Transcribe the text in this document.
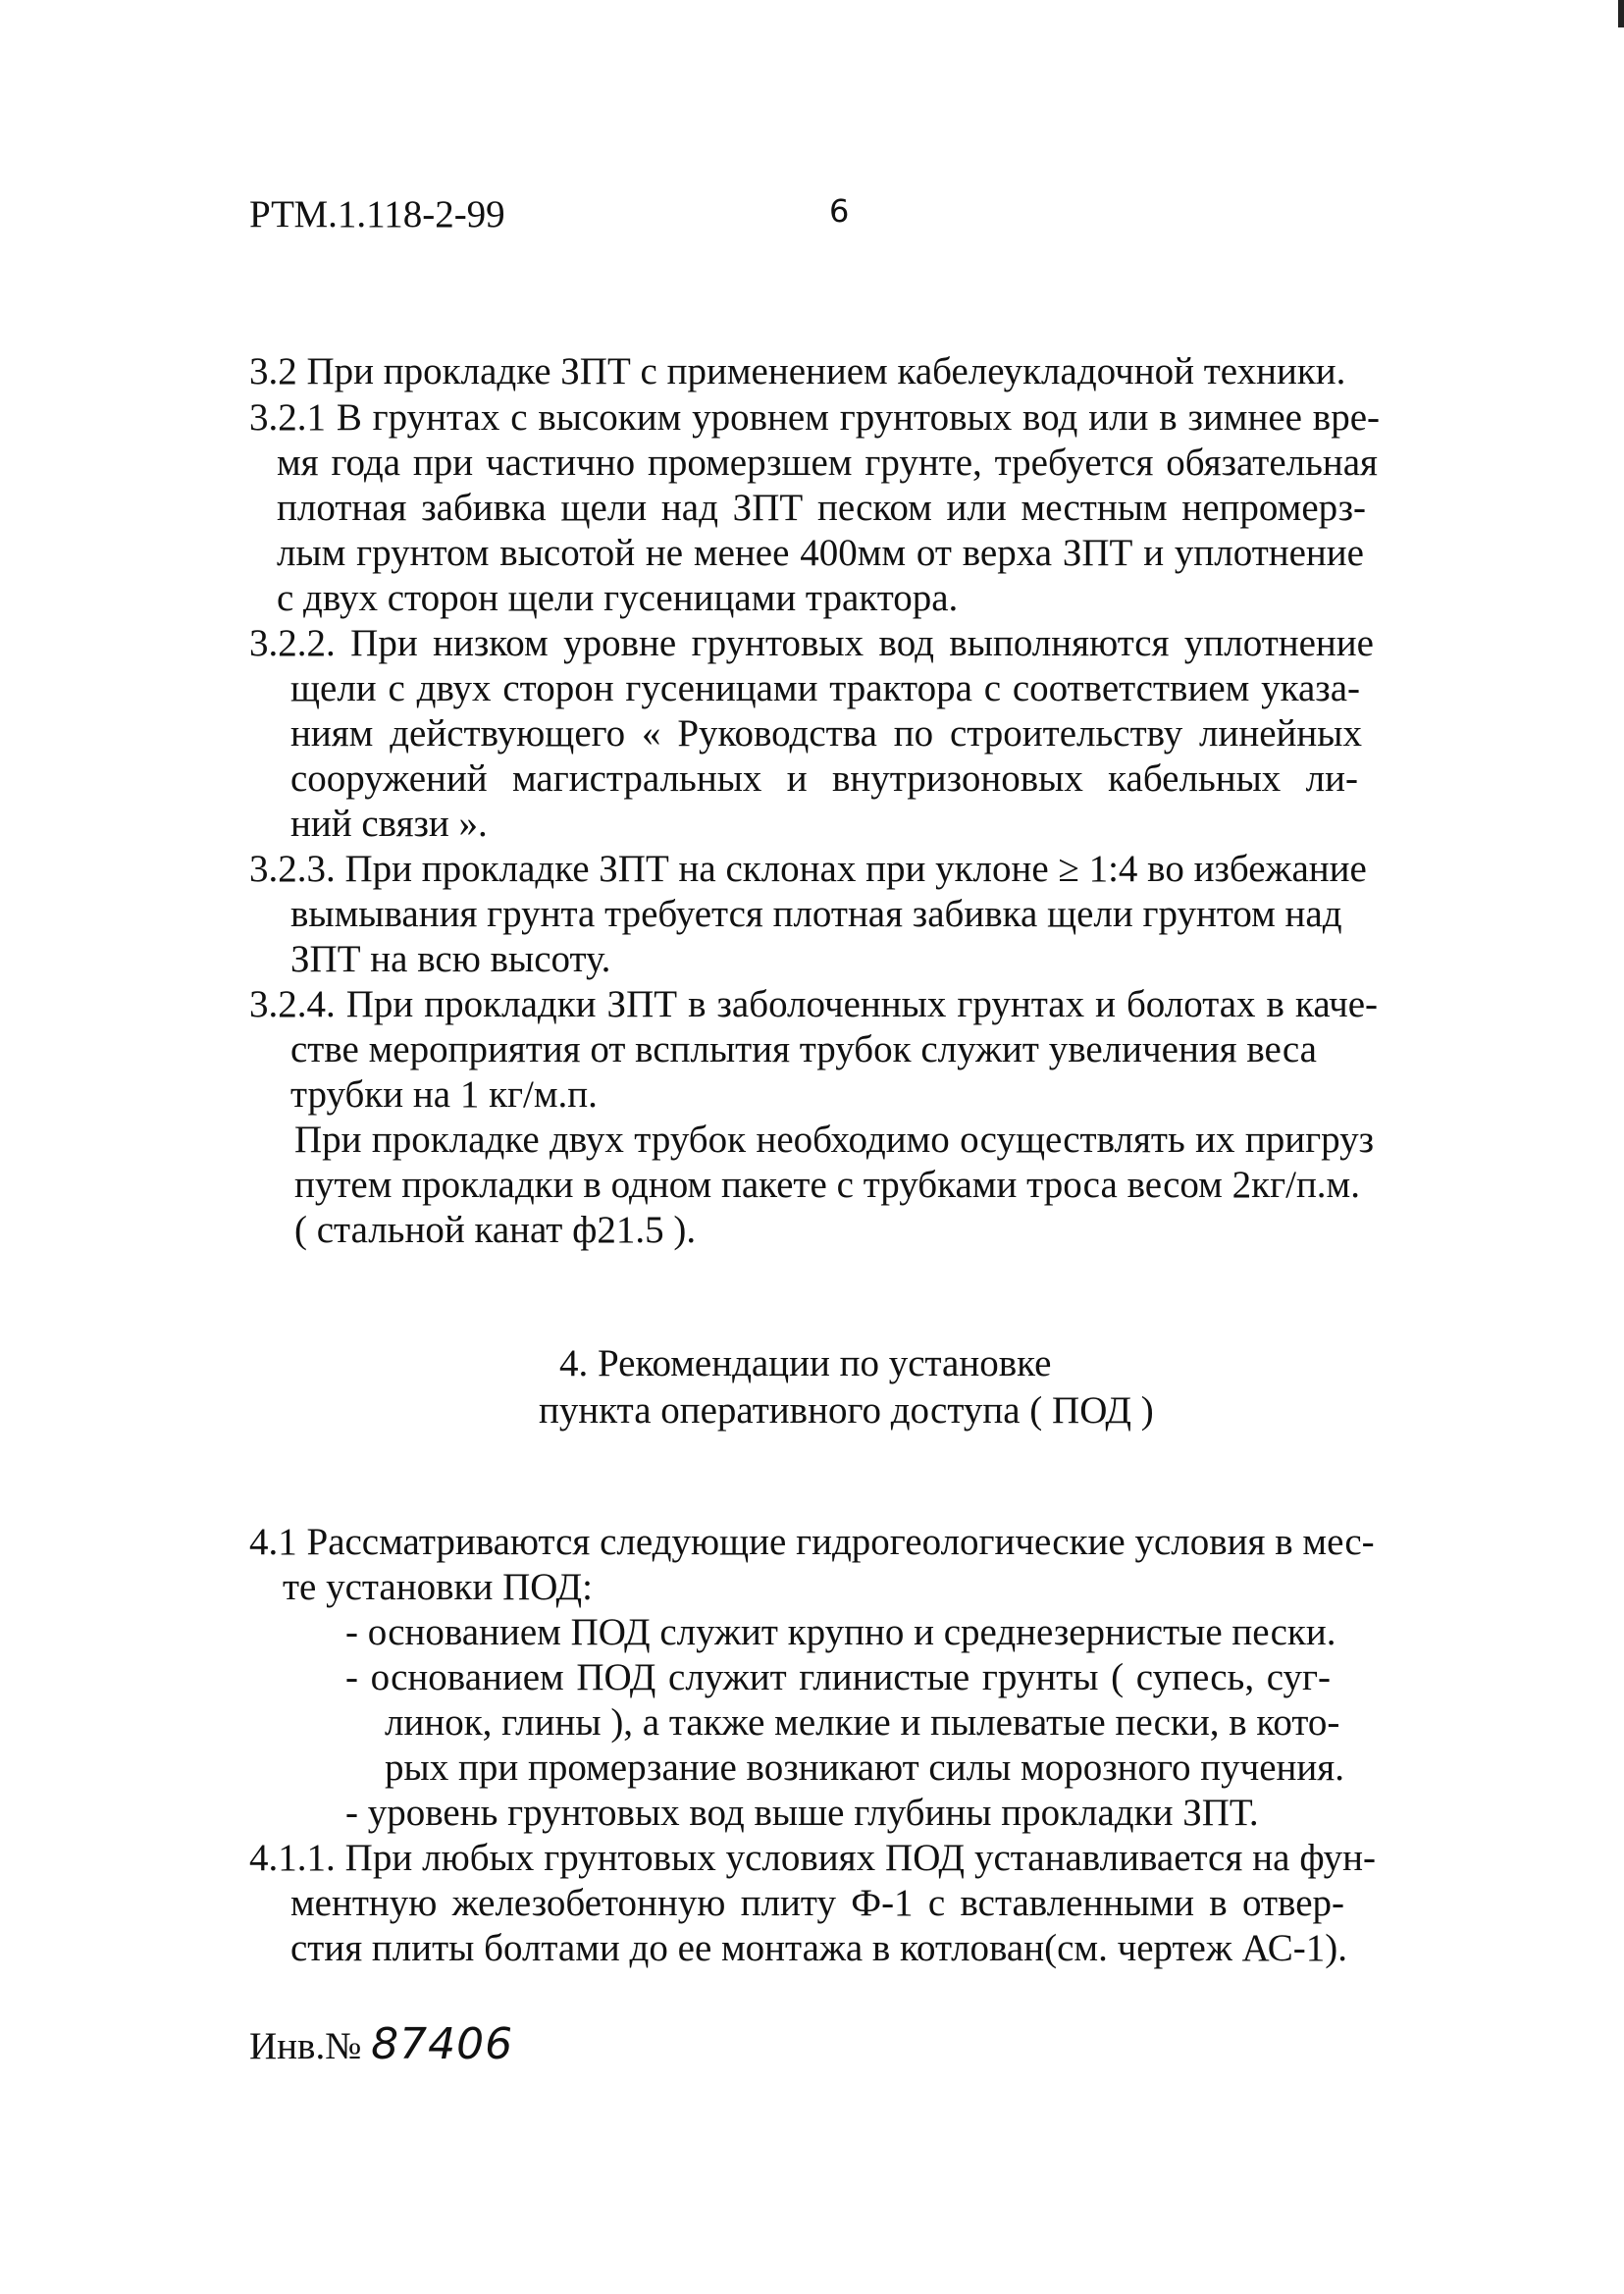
РТМ.1.118-2-99	6
3.2 При прокладке ЗПТ с применением кабелеукладочной техники.
3.2.1 В грунтах с высоким уровнем грунтовых вод или в зимнее вре-
мя года при частично промерзшем грунте, требуется обязательная
плотная забивка щели над ЗПТ песком или местным непромерз-
лым грунтом высотой не менее 400мм от верха ЗПТ и уплотнение
с двух сторон щели гусеницами трактора.
3.2.2. При низком уровне грунтовых вод выполняются уплотнение
щели с двух сторон гусеницами трактора с соответствием указа-
ниям действующего « Руководства по строительству линейных
сооружений магистральных и внутризоновых кабельных ли-
ний связи ».
3.2.3. При прокладке ЗПТ на склонах при уклоне ≥ 1:4 во избежание
вымывания грунта требуется плотная забивка щели грунтом над
ЗПТ на всю высоту.
3.2.4. При прокладки ЗПТ в заболоченных грунтах и болотах в каче-
стве мероприятия от всплытия трубок служит увеличения веса
трубки на 1 кг/м.п.
При прокладке двух трубок необходимо осуществлять их пригруз
путем прокладки в одном пакете с трубками троса весом 2кг/п.м.
( стальной канат ф21.5 ).
4. Рекомендации по установке
пункта оперативного доступа ( ПОД )
4.1 Рассматриваются следующие гидрогеологические условия в мес-
те установки ПОД:
- основанием ПОД служит крупно и среднезернистые пески.
- основанием ПОД служит глинистые грунты ( супесь, суг-
линок, глины ), а также мелкие и пылеватые пески, в кото-
рых при промерзание возникают силы морозного пучения.
- уровень грунтовых вод выше глубины прокладки ЗПТ.
4.1.1. При любых грунтовых условиях ПОД устанавливается на фун-
ментную железобетонную плиту Ф-1 с вставленными в отвер-
стия плиты болтами до ее монтажа в котлован(см. чертеж АС-1).
Инв.№ 87406
